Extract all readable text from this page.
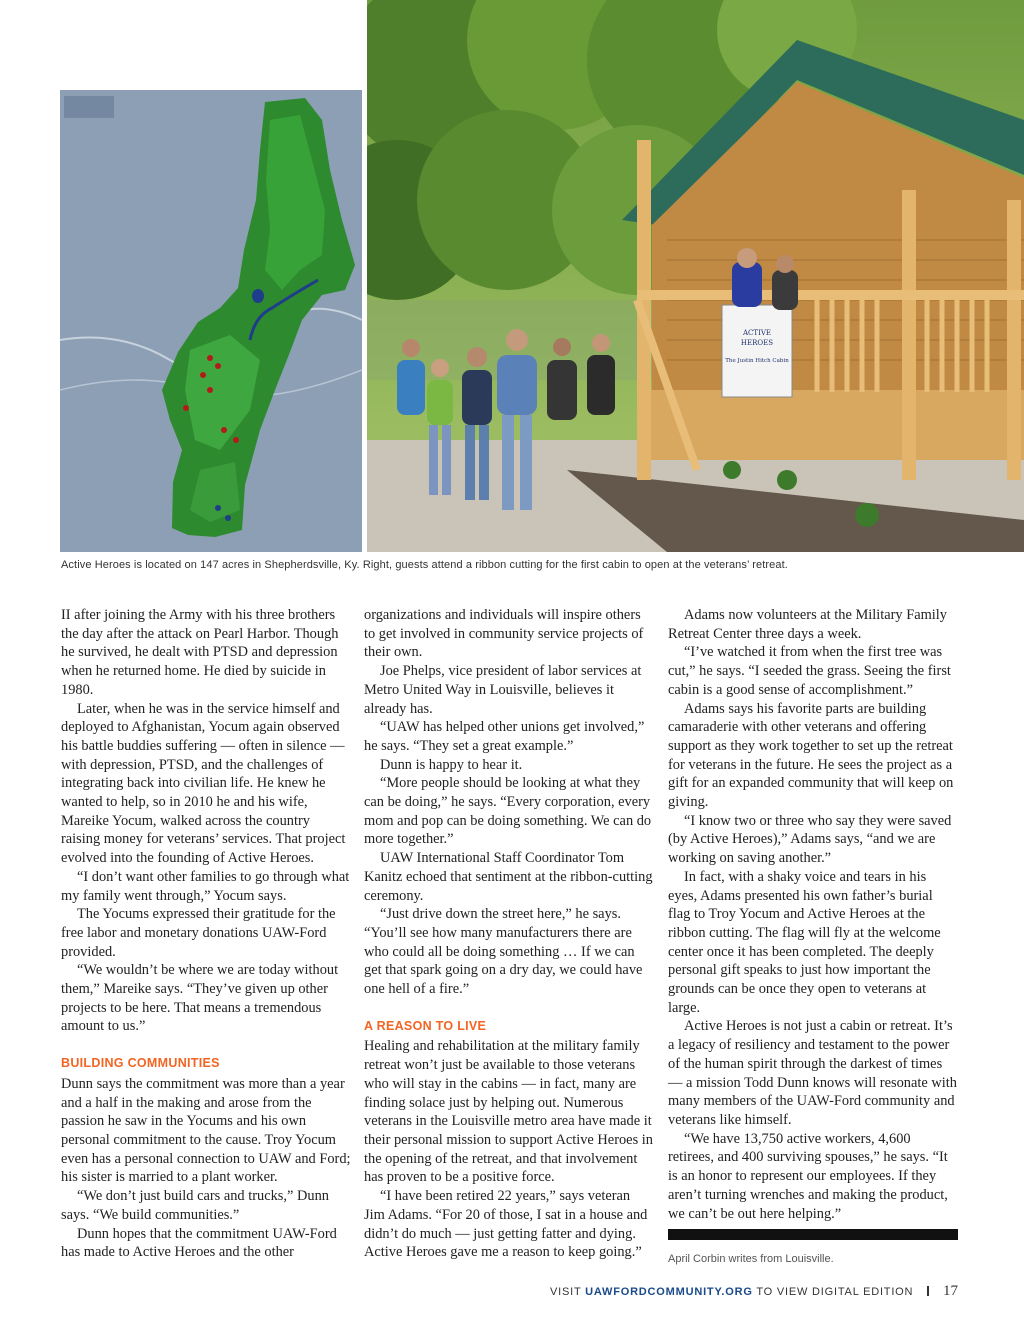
ACTIVE
HEROES
The Justin Hitch Cabin
Active Heroes is located on 147 acres in Shepherdsville, Ky. Right, guests attend a ribbon cutting for the first cabin to open at the veterans’ retreat.

II after joining the Army with his three brothers the day after the attack on Pearl Harbor. Though he survived, he dealt with PTSD and depression when he returned home. He died by suicide in 1980.

Later, when he was in the service himself and deployed to Afghanistan, Yocum again observed his battle buddies suffering — often in silence — with depression, PTSD, and the challenges of integrating back into civilian life. He knew he wanted to help, so in 2010 he and his wife, Mareike Yocum, walked across the country raising money for veterans’ services. That project evolved into the founding of Active Heroes.

“I don’t want other families to go through what my family went through,” Yocum says.

The Yocums expressed their gratitude for the free labor and monetary donations UAW-Ford provided.

“We wouldn’t be where we are today without them,” Mareike says. “They’ve given up other projects to be here. That means a tremendous amount to us.”

BUILDING COMMUNITIES

Dunn says the commitment was more than a year and a half in the making and arose from the passion he saw in the Yocums and his own personal commitment to the cause. Troy Yocum even has a personal connection to UAW and Ford; his sister is married to a plant worker.

“We don’t just build cars and trucks,” Dunn says. “We build communities.”

Dunn hopes that the commitment UAW-Ford has made to Active Heroes and the other

organizations and individuals will inspire others to get involved in community service projects of their own.

Joe Phelps, vice president of labor services at Metro United Way in Louisville, believes it already has.

“UAW has helped other unions get involved,” he says. “They set a great example.”

Dunn is happy to hear it.

“More people should be looking at what they can be doing,” he says. “Every corporation, every mom and pop can be doing something. We can do more together.”

UAW International Staff Coordinator Tom Kanitz echoed that sentiment at the ribbon-cutting ceremony.

“Just drive down the street here,” he says. “You’ll see how many manufacturers there are who could all be doing something … If we can get that spark going on a dry day, we could have one hell of a fire.”

A REASON TO LIVE

Healing and rehabilitation at the military family retreat won’t just be available to those veterans who will stay in the cabins — in fact, many are finding solace just by helping out. Numerous veterans in the Louisville metro area have made it their personal mission to support Active Heroes in the opening of the retreat, and that involvement has proven to be a positive force.

“I have been retired 22 years,” says veteran Jim Adams. “For 20 of those, I sat in a house and didn’t do much — just getting fatter and dying. Active Heroes gave me a reason to keep going.”

Adams now volunteers at the Military Family Retreat Center three days a week.

“I’ve watched it from when the first tree was cut,” he says. “I seeded the grass. Seeing the first cabin is a good sense of accomplishment.”

Adams says his favorite parts are building camaraderie with other veterans and offering support as they work together to set up the retreat for veterans in the future. He sees the project as a gift for an expanded community that will keep on giving.

“I know two or three who say they were saved (by Active Heroes),” Adams says, “and we are working on saving another.”

In fact, with a shaky voice and tears in his eyes, Adams presented his own father’s burial flag to Troy Yocum and Active Heroes at the ribbon cutting. The flag will fly at the welcome center once it has been completed. The deeply personal gift speaks to just how important the grounds can be once they open to veterans at large.

Active Heroes is not just a cabin or retreat. It’s a legacy of resiliency and testament to the power of the human spirit through the darkest of times — a mission Todd Dunn knows will resonate with many members of the UAW-Ford community and veterans like himself.

“We have 13,750 active workers, 4,600 retirees, and 400 surviving spouses,” he says. “It is an honor to represent our employees. If they aren’t turning wrenches and making the product, we can’t be out here helping.”

April Corbin writes from Louisville.
VISIT UAWFORDCOMMUNITY.ORG TO VIEW DIGITAL EDITION 17
